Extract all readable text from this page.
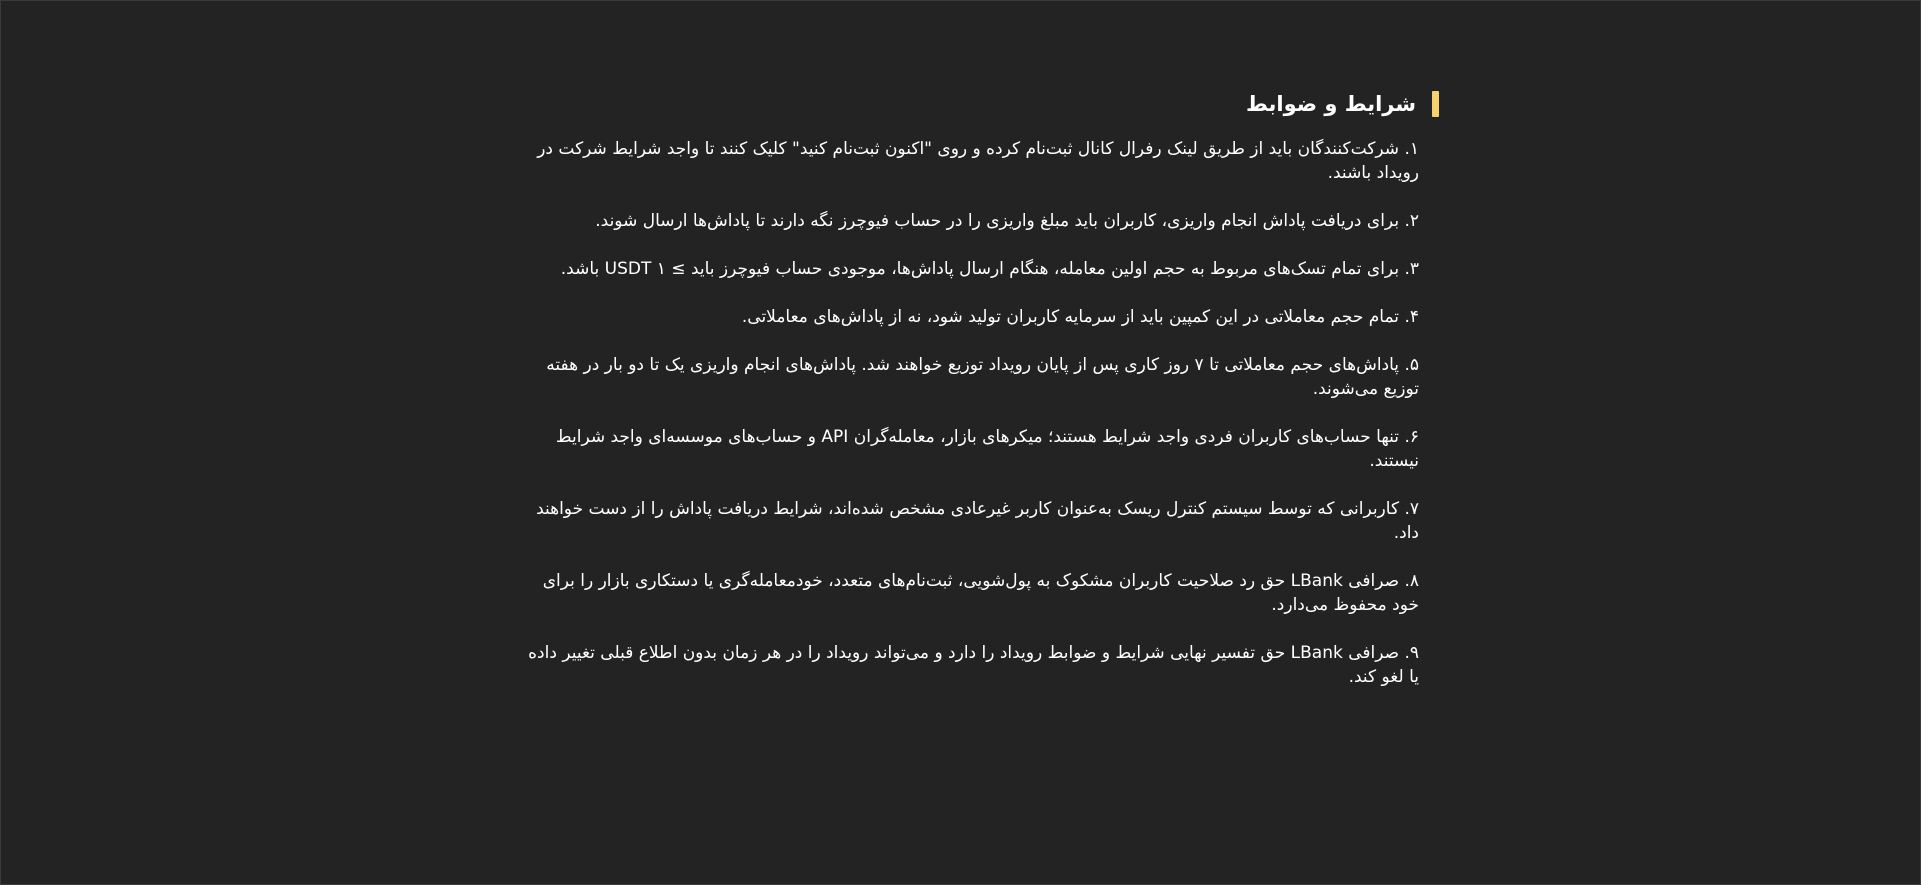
شرایط و ضوابط
۱. شرکت‌کنندگان باید از طریق لینک رفرال کانال ثبت‌نام کرده و روی "اکنون ثبت‌نام کنید" کلیک کنند تا واجد شرایط شرکت در رویداد باشند.
۲. برای دریافت پاداش انجام واریزی، کاربران باید مبلغ واریزی را در حساب فیوچرز نگه دارند تا پاداش‌ها ارسال شوند.
۳. برای تمام تسک‌های مربوط به حجم اولین معامله، هنگام ارسال پاداش‌ها، موجودی حساب فیوچرز باید ≥ ۱ USDT باشد.
۴. تمام حجم معاملاتی در این کمپین باید از سرمایه کاربران تولید شود، نه از پاداش‌های معاملاتی.
۵. پاداش‌های حجم معاملاتی تا ۷ روز کاری پس از پایان رویداد توزیع خواهند شد. پاداش‌های انجام واریزی یک تا دو بار در هفته توزیع می‌شوند.
۶. تنها حساب‌های کاربران فردی واجد شرایط هستند؛ میکرهای بازار، معامله‌گران API و حساب‌های موسسه‌ای واجد شرایط نیستند.
۷. کاربرانی که توسط سیستم کنترل ریسک به‌عنوان کاربر غیرعادی مشخص شده‌اند، شرایط دریافت پاداش را از دست خواهند داد.
۸. صرافی LBank حق رد صلاحیت کاربران مشکوک به پول‌شویی، ثبت‌نام‌های متعدد، خودمعامله‌گری یا دستکاری بازار را برای خود محفوظ می‌دارد.
۹. صرافی LBank حق تفسیر نهایی شرایط و ضوابط رویداد را دارد و می‌تواند رویداد را در هر زمان بدون اطلاع قبلی تغییر داده یا لغو کند.
